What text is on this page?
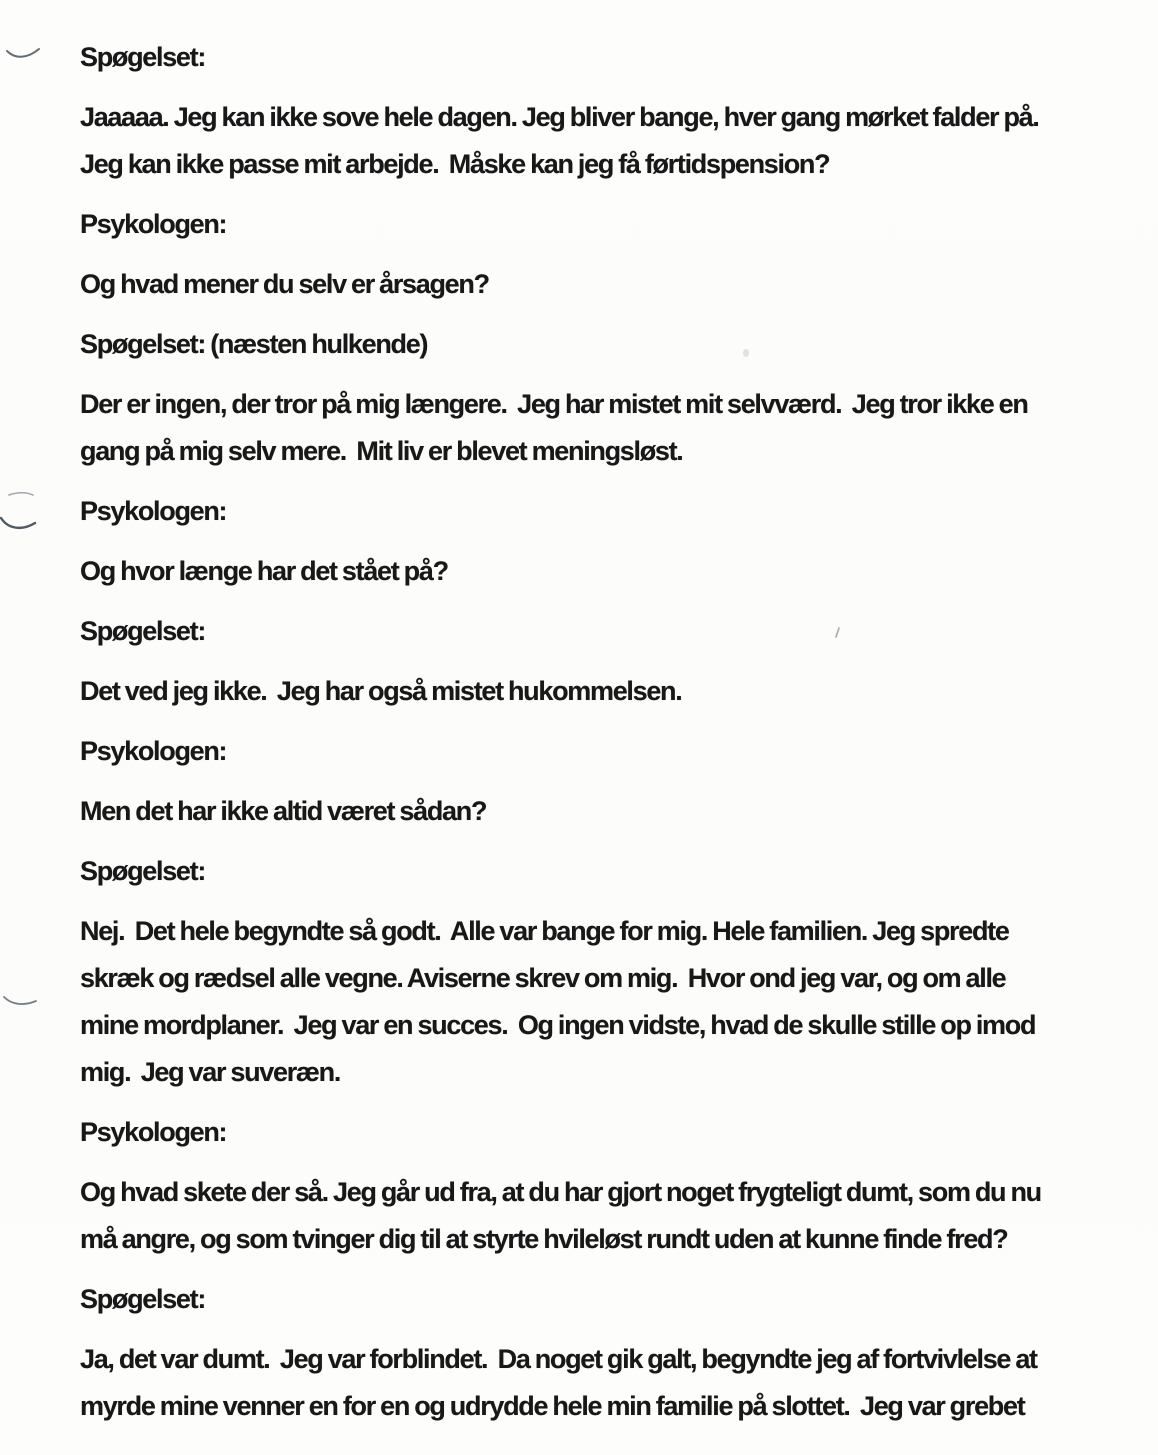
Spøgelset:

Jaaaaa. Jeg kan ikke sove hele dagen. Jeg bliver bange, hver gang mørket falder på.
Jeg kan ikke passe mit arbejde.  Måske kan jeg få førtidspension?

Psykologen:

Og hvad mener du selv er årsagen?

Spøgelset: (næsten hulkende)

Der er ingen, der tror på mig længere.  Jeg har mistet mit selvværd.  Jeg tror ikke en
gang på mig selv mere.  Mit liv er blevet meningsløst.

Psykologen:

Og hvor længe har det stået på?

Spøgelset:

Det ved jeg ikke.  Jeg har også mistet hukommelsen.

Psykologen:

Men det har ikke altid været sådan?

Spøgelset:

Nej.  Det hele begyndte så godt.  Alle var bange for mig. Hele familien. Jeg spredte
skræk og rædsel alle vegne. Aviserne skrev om mig.  Hvor ond jeg var, og om alle
mine mordplaner.  Jeg var en succes.  Og ingen vidste, hvad de skulle stille op imod
mig.  Jeg var suveræn.

Psykologen:

Og hvad skete der så. Jeg går ud fra, at du har gjort noget frygteligt dumt, som du nu
må angre, og som tvinger dig til at styrte hvileløst rundt uden at kunne finde fred?

Spøgelset:

Ja, det var dumt.  Jeg var forblindet.  Da noget gik galt, begyndte jeg af fortvivlelse at
myrde mine venner en for en og udrydde hele min familie på slottet.  Jeg var grebet
